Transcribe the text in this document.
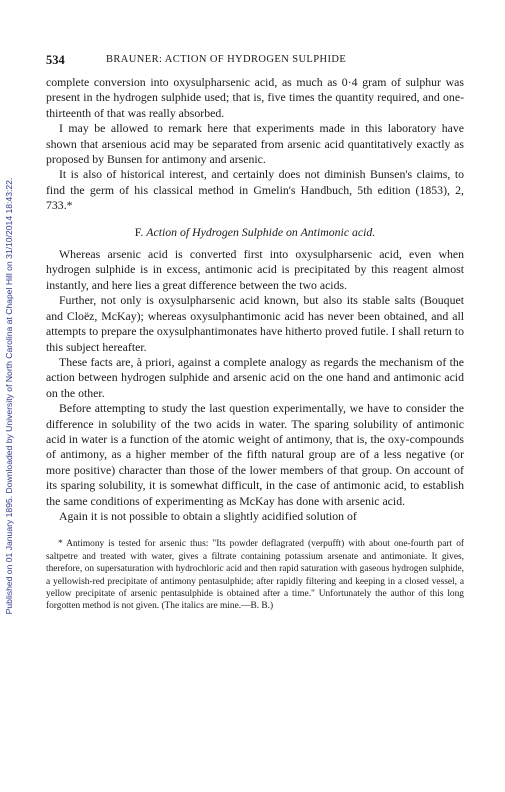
Published on 01 January 1895. Downloaded by University of North Carolina at Chapel Hill on 31/10/2014 18:43:22.
534	BRAUNER: ACTION OF HYDROGEN SULPHIDE

complete conversion into oxysulpharsenic acid, as much as 0·4 gram of sulphur was present in the hydrogen sulphide used; that is, five times the quantity required, and one-thirteenth of that was really absorbed.

I may be allowed to remark here that experiments made in this laboratory have shown that arsenious acid may be separated from arsenic acid quantitatively exactly as proposed by Bunsen for antimony and arsenic.

It is also of historical interest, and certainly does not diminish Bunsen's claims, to find the germ of his classical method in Gmelin's Handbuch, 5th edition (1853), 2, 733.*

F. Action of Hydrogen Sulphide on Antimonic acid.

Whereas arsenic acid is converted first into oxysulpharsenic acid, even when hydrogen sulphide is in excess, antimonic acid is precipitated by this reagent almost instantly, and here lies a great difference between the two acids.

Further, not only is oxysulpharsenic acid known, but also its stable salts (Bouquet and Cloëz, McKay); whereas oxysulphantimonic acid has never been obtained, and all attempts to prepare the oxysulphantimonates have hitherto proved futile. I shall return to this subject hereafter.

These facts are, à priori, against a complete analogy as regards the mechanism of the action between hydrogen sulphide and arsenic acid on the one hand and antimonic acid on the other.

Before attempting to study the last question experimentally, we have to consider the difference in solubility of the two acids in water. The sparing solubility of antimonic acid in water is a function of the atomic weight of antimony, that is, the oxy-compounds of antimony, as a higher member of the fifth natural group are of a less negative (or more positive) character than those of the lower members of that group. On account of its sparing solubility, it is somewhat difficult, in the case of antimonic acid, to establish the same conditions of experimenting as McKay has done with arsenic acid.

Again it is not possible to obtain a slightly acidified solution of

* Antimony is tested for arsenic thus: "Its powder deflagrated (verpufft) with about one-fourth part of saltpetre and treated with water, gives a filtrate containing potassium arsenate and antimoniate. It gives, therefore, on supersaturation with hydrochloric acid and then rapid saturation with gaseous hydrogen sulphide, a yellowish-red precipitate of antimony pentasulphide; after rapidly filtering and keeping in a closed vessel, a yellow precipitate of arsenic pentasulphide is obtained after a time." Unfortunately the author of this long forgotten method is not given. (The italics are mine.—B. B.)
